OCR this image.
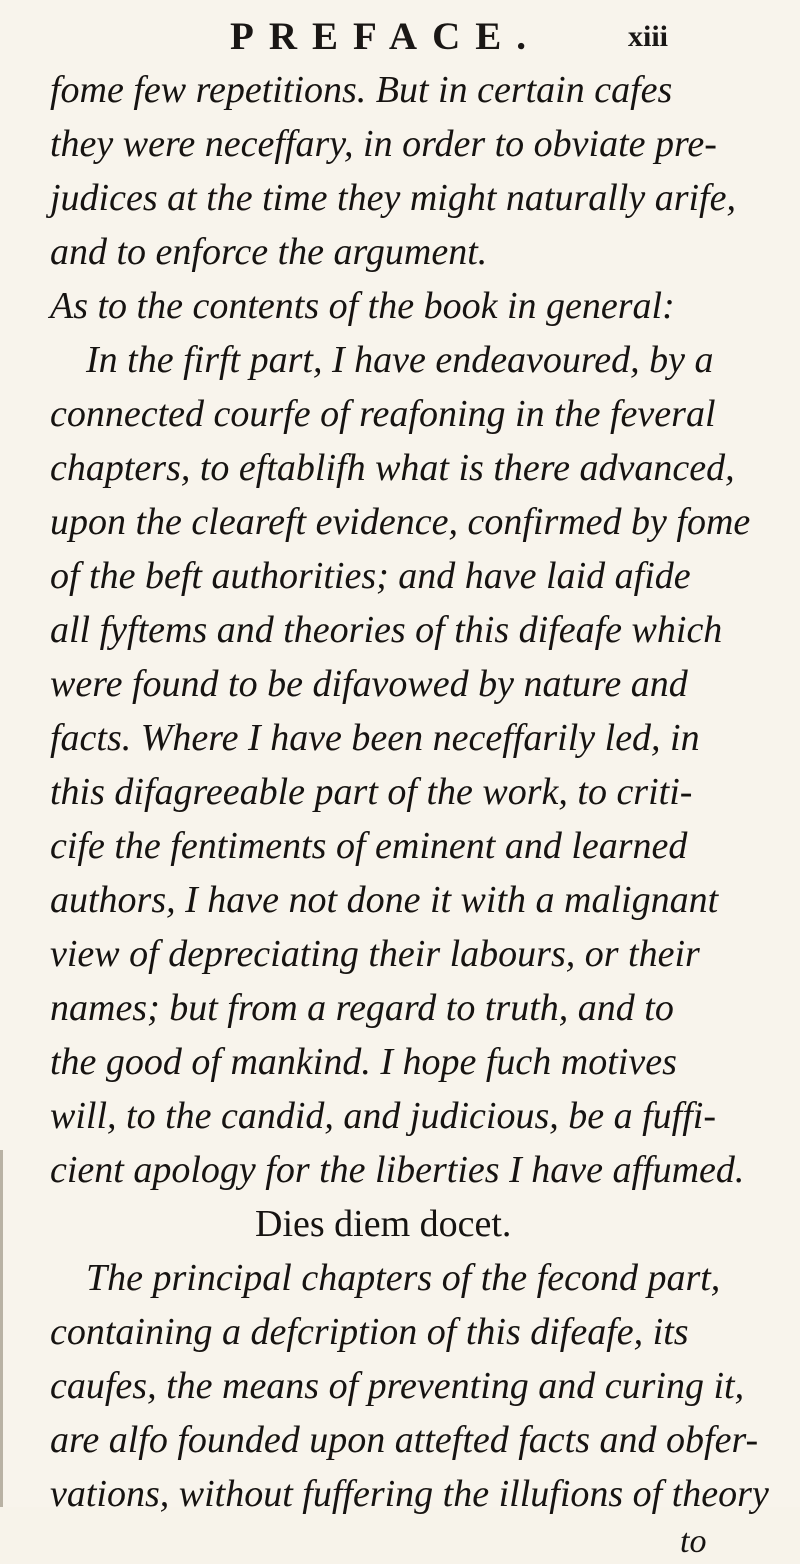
PREFACE.	xiii
fome few repetitions. But in certain cafes
they were neceffary, in order to obviate pre-
judices at the time they might naturally arife,
and to enforce the argument.
As to the contents of the book in general:
In the firft part, I have endeavoured, by a
connected courfe of reafoning in the feveral
chapters, to eftablifh what is there advanced,
upon the cleareft evidence, confirmed by fome
of the beft authorities; and have laid afide
all fyftems and theories of this difeafe which
were found to be difavowed by nature and
facts. Where I have been neceffarily led, in
this difagreeable part of the work, to criti-
cife the fentiments of eminent and learned
authors, I have not done it with a malignant
view of depreciating their labours, or their
names; but from a regard to truth, and to
the good of mankind. I hope fuch motives
will, to the candid, and judicious, be a fuffi-
cient apology for the liberties I have affumed.
Dies diem docet.
The principal chapters of the fecond part,
containing a defcription of this difeafe, its
caufes, the means of preventing and curing it,
are alfo founded upon attefted facts and obfer-
vations, without fuffering the illufions of theory
to
